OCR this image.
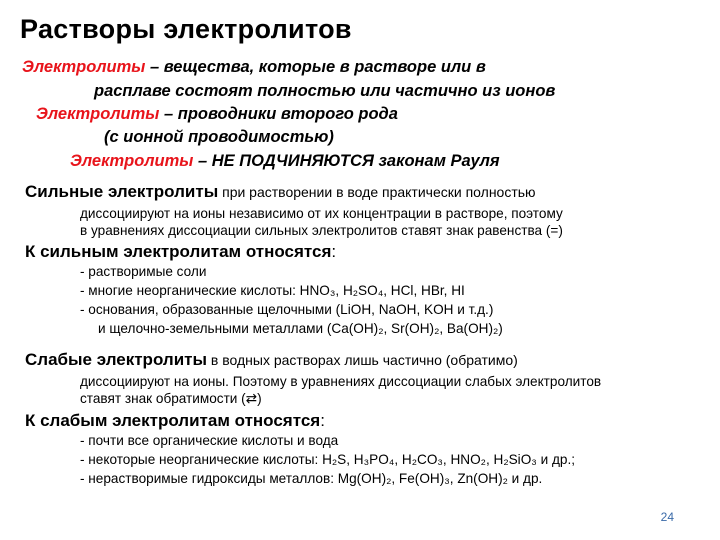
Растворы электролитов
Электролиты – вещества, которые в растворе или в
расплаве состоят полностью или частично из ионов
Электролиты – проводники второго рода
(с ионной проводимостью)
Электролиты – НЕ ПОДЧИНЯЮТСЯ законам Рауля
Сильные электролиты при растворении в воде практически полностью
диссоциируют на ионы независимо от их концентрации в растворе, поэтому
в уравнениях диссоциации сильных электролитов ставят знак равенства (=)
К сильным электролитам относятся:
- растворимые соли
- многие неорганические кислоты: HNO₃, H₂SO₄, HCl, HBr, HI
- основания, образованные щелочными (LiOH, NaOH, KOH и т.д.)
и щелочно-земельными металлами (Ca(OH)₂, Sr(OH)₂, Ba(OH)₂)
Слабые электролиты в водных растворах лишь частично (обратимо)
диссоциируют на ионы. Поэтому в уравнениях диссоциации слабых электролитов
ставят знак обратимости (⇄)
К слабым электролитам относятся:
- почти все органические кислоты и вода
- некоторые неорганические кислоты: H₂S, H₃PO₄, H₂CO₃, HNO₂, H₂SiO₃ и др.;
- нерастворимые гидроксиды металлов: Mg(OH)₂, Fe(OH)₃, Zn(OH)₂ и др.
24
